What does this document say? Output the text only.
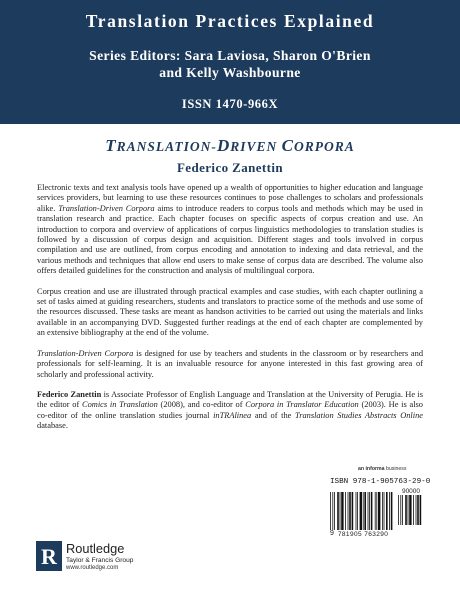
Translation Practices Explained
Series Editors: Sara Laviosa, Sharon O'Brien
and Kelly Washbourne
ISSN 1470-966X
TRANSLATION-DRIVEN CORPORA
Federico Zanettin

Electronic texts and text analysis tools have opened up a wealth of opportunities to higher education and language services providers, but learning to use these resources continues to pose challenges to scholars and professionals alike. Translation-Driven Corpora aims to introduce readers to corpus tools and methods which may be used in translation research and practice. Each chapter focuses on specific aspects of corpus creation and use. An introduction to corpora and overview of applications of corpus linguistics methodologies to translation studies is followed by a discussion of corpus design and acquisition. Different stages and tools involved in corpus compilation and use are outlined, from corpus encoding and annotation to indexing and data retrieval, and the various methods and techniques that allow end users to make sense of corpus data are described. The volume also offers detailed guidelines for the construction and analysis of multilingual corpora.

Corpus creation and use are illustrated through practical examples and case studies, with each chapter outlining a set of tasks aimed at guiding researchers, students and translators to practice some of the methods and use some of the resources discussed. These tasks are meant as handson activities to be carried out using the materials and links available in an accompanying DVD. Suggested further readings at the end of each chapter are complemented by an extensive bibliography at the end of the volume.

Translation-Driven Corpora is designed for use by teachers and students in the classroom or by researchers and professionals for self-learning. It is an invaluable resource for anyone interested in this fast growing area of scholarly and professional activity.

Federico Zanettin is Associate Professor of English Language and Translation at the University of Perugia. He is the editor of Comics in Translation (2008), and co-editor of Corpora in Translator Education (2003). He is also co-editor of the online translation studies journal inTRAlinea and of the Translation Studies Abstracts Online database.

an informa business
ISBN 978-1-905763-29-0
90000
9 781905 763290
R Routledge
Taylor & Francis Group
www.routledge.com
